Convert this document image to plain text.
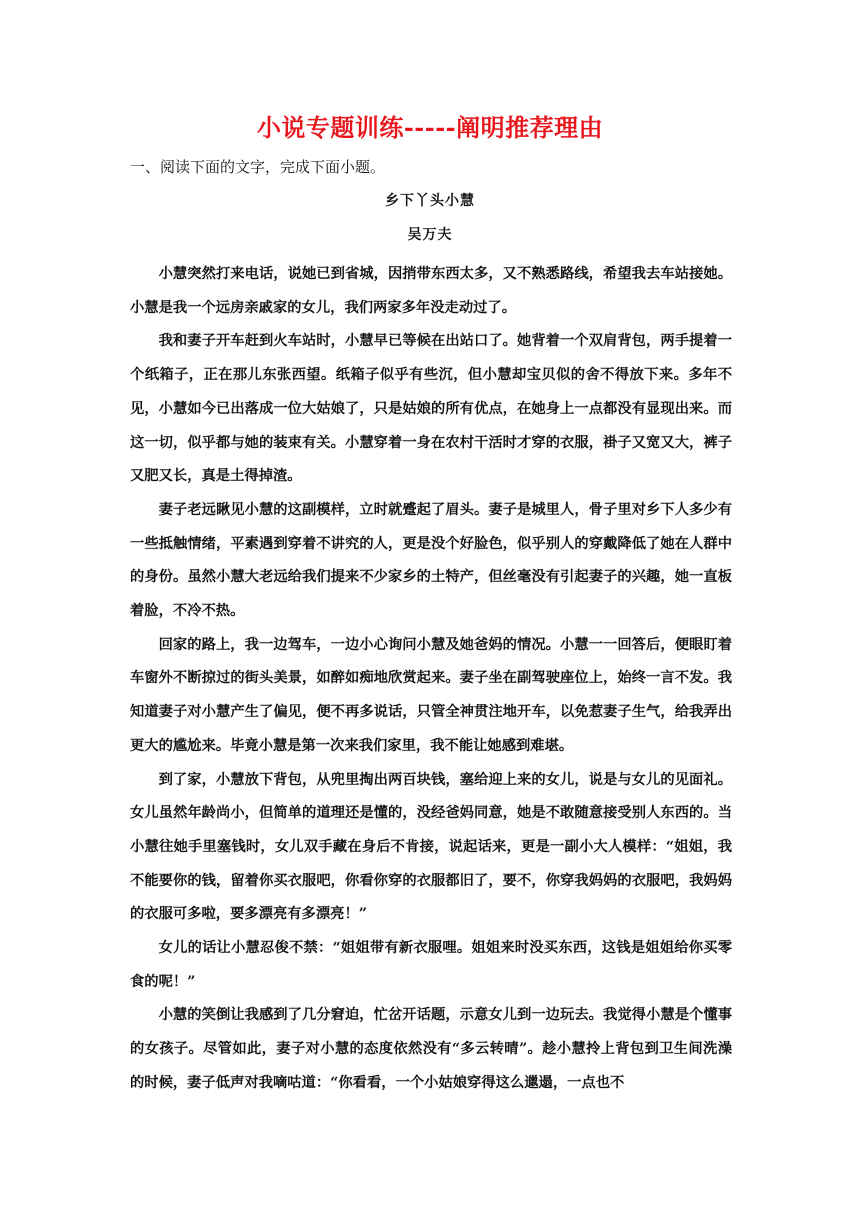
小说专题训练-----阐明推荐理由
一、阅读下面的文字，完成下面小题。
乡下丫头小慧
吴万夫

小慧突然打来电话，说她已到省城，因捎带东西太多，又不熟悉路线，希望我去车站接她。小慧是我一个远房亲戚家的女儿，我们两家多年没走动过了。

我和妻子开车赶到火车站时，小慧早已等候在出站口了。她背着一个双肩背包，两手提着一个纸箱子，正在那儿东张西望。纸箱子似乎有些沉，但小慧却宝贝似的舍不得放下来。多年不见，小慧如今已出落成一位大姑娘了，只是姑娘的所有优点，在她身上一点都没有显现出来。而这一切，似乎都与她的装束有关。小慧穿着一身在农村干活时才穿的衣服，褂子又宽又大，裤子又肥又长，真是土得掉渣。

妻子老远瞅见小慧的这副模样，立时就蹙起了眉头。妻子是城里人，骨子里对乡下人多少有一些抵触情绪，平素遇到穿着不讲究的人，更是没个好脸色，似乎别人的穿戴降低了她在人群中的身份。虽然小慧大老远给我们提来不少家乡的土特产，但丝毫没有引起妻子的兴趣，她一直板着脸，不冷不热。

回家的路上，我一边驾车，一边小心询问小慧及她爸妈的情况。小慧一一回答后，便眼盯着车窗外不断掠过的街头美景，如醉如痴地欣赏起来。妻子坐在副驾驶座位上，始终一言不发。我知道妻子对小慧产生了偏见，便不再多说话，只管全神贯注地开车，以免惹妻子生气，给我弄出更大的尴尬来。毕竟小慧是第一次来我们家里，我不能让她感到难堪。

到了家，小慧放下背包，从兜里掏出两百块钱，塞给迎上来的女儿，说是与女儿的见面礼。女儿虽然年龄尚小，但简单的道理还是懂的，没经爸妈同意，她是不敢随意接受别人东西的。当小慧往她手里塞钱时，女儿双手藏在身后不肯接，说起话来，更是一副小大人模样：“姐姐，我不能要你的钱，留着你买衣服吧，你看你穿的衣服都旧了，要不，你穿我妈妈的衣服吧，我妈妈的衣服可多啦，要多漂亮有多漂亮！”

女儿的话让小慧忍俊不禁：“姐姐带有新衣服哩。姐姐来时没买东西，这钱是姐姐给你买零食的呢！”

小慧的笑倒让我感到了几分窘迫，忙岔开话题，示意女儿到一边玩去。我觉得小慧是个懂事的女孩子。尽管如此，妻子对小慧的态度依然没有“多云转晴”。趁小慧拎上背包到卫生间洗澡的时候，妻子低声对我嘀咕道：“你看看，一个小姑娘穿得这么邋遢，一点也不
